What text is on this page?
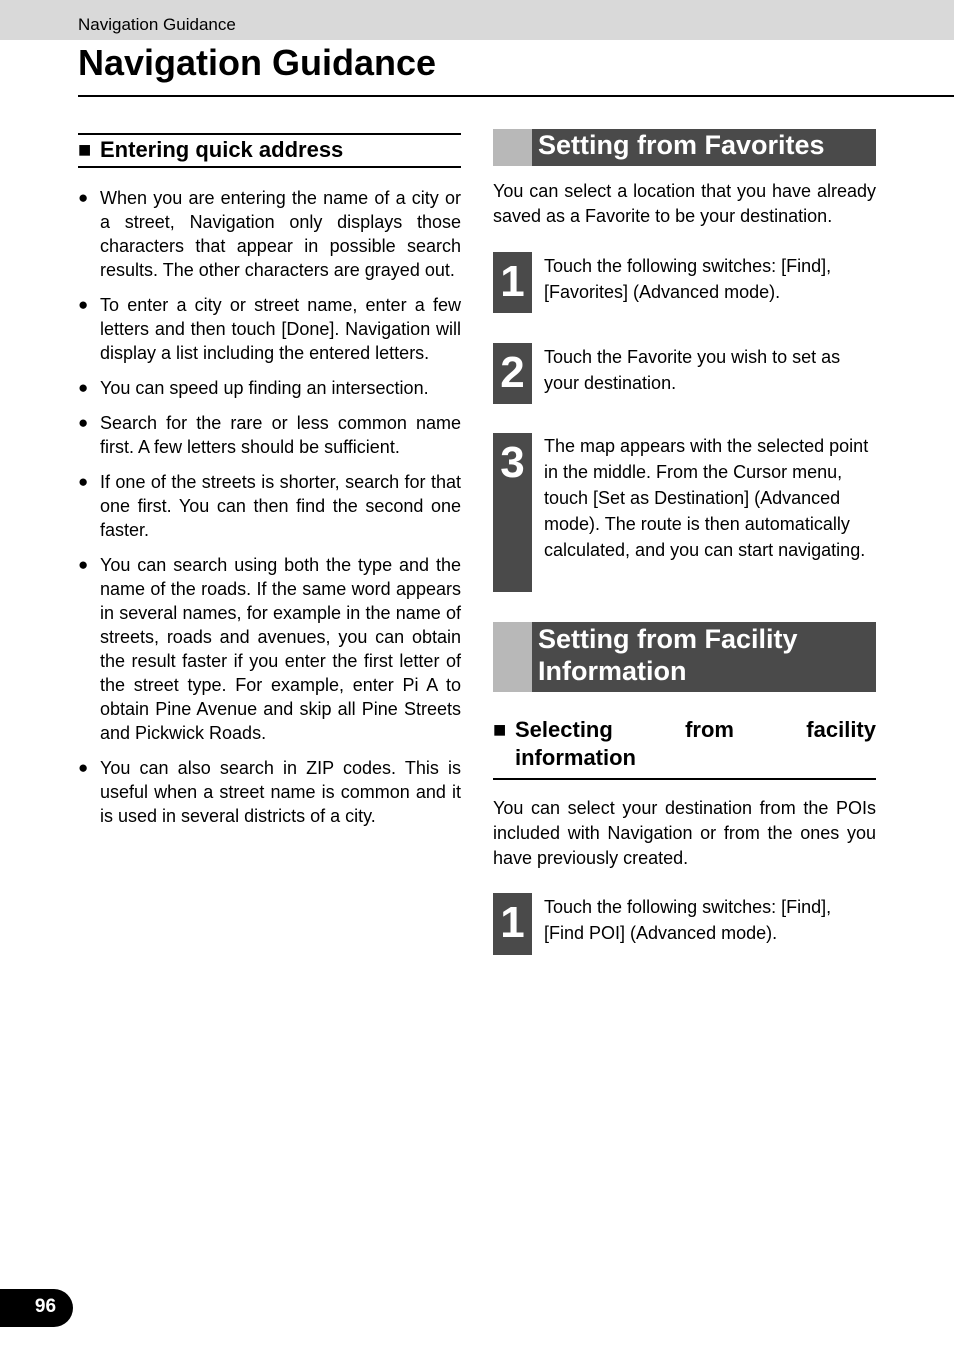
Navigation Guidance
Navigation Guidance
■ Entering quick address
● When you are entering the name of a city or a street, Navigation only displays those characters that appear in possible search results. The other characters are grayed out.
● To enter a city or street name, enter a few letters and then touch [Done]. Navigation will display a list including the entered letters.
● You can speed up finding an intersection.
● Search for the rare or less common name first. A few letters should be sufficient.
● If one of the streets is shorter, search for that one first. You can then find the second one faster.
● You can search using both the type and the name of the roads. If the same word appears in several names, for example in the name of streets, roads and avenues, you can obtain the result faster if you enter the first letter of the street type. For example, enter Pi A to obtain Pine Avenue and skip all Pine Streets and Pickwick Roads.
● You can also search in ZIP codes. This is useful when a street name is common and it is used in several districts of a city.
Setting from Favorites

You can select a location that you have already saved as a Favorite to be your destination.

1	Touch the following switches: [Find],
[Favorites] (Advanced mode).
2	Touch the Favorite you wish to set as
your destination.
3	The map appears with the selected point in the middle. From the Cursor menu, touch [Set as Destination] (Advanced mode). The route is then automatically calculated, and you can start navigating.
Setting from Facility
Information
■ Selecting from facility
information

You can select your destination from the POIs included with Navigation or from the ones you have previously created.

1	Touch the following switches: [Find],
[Find POI] (Advanced mode).
96
